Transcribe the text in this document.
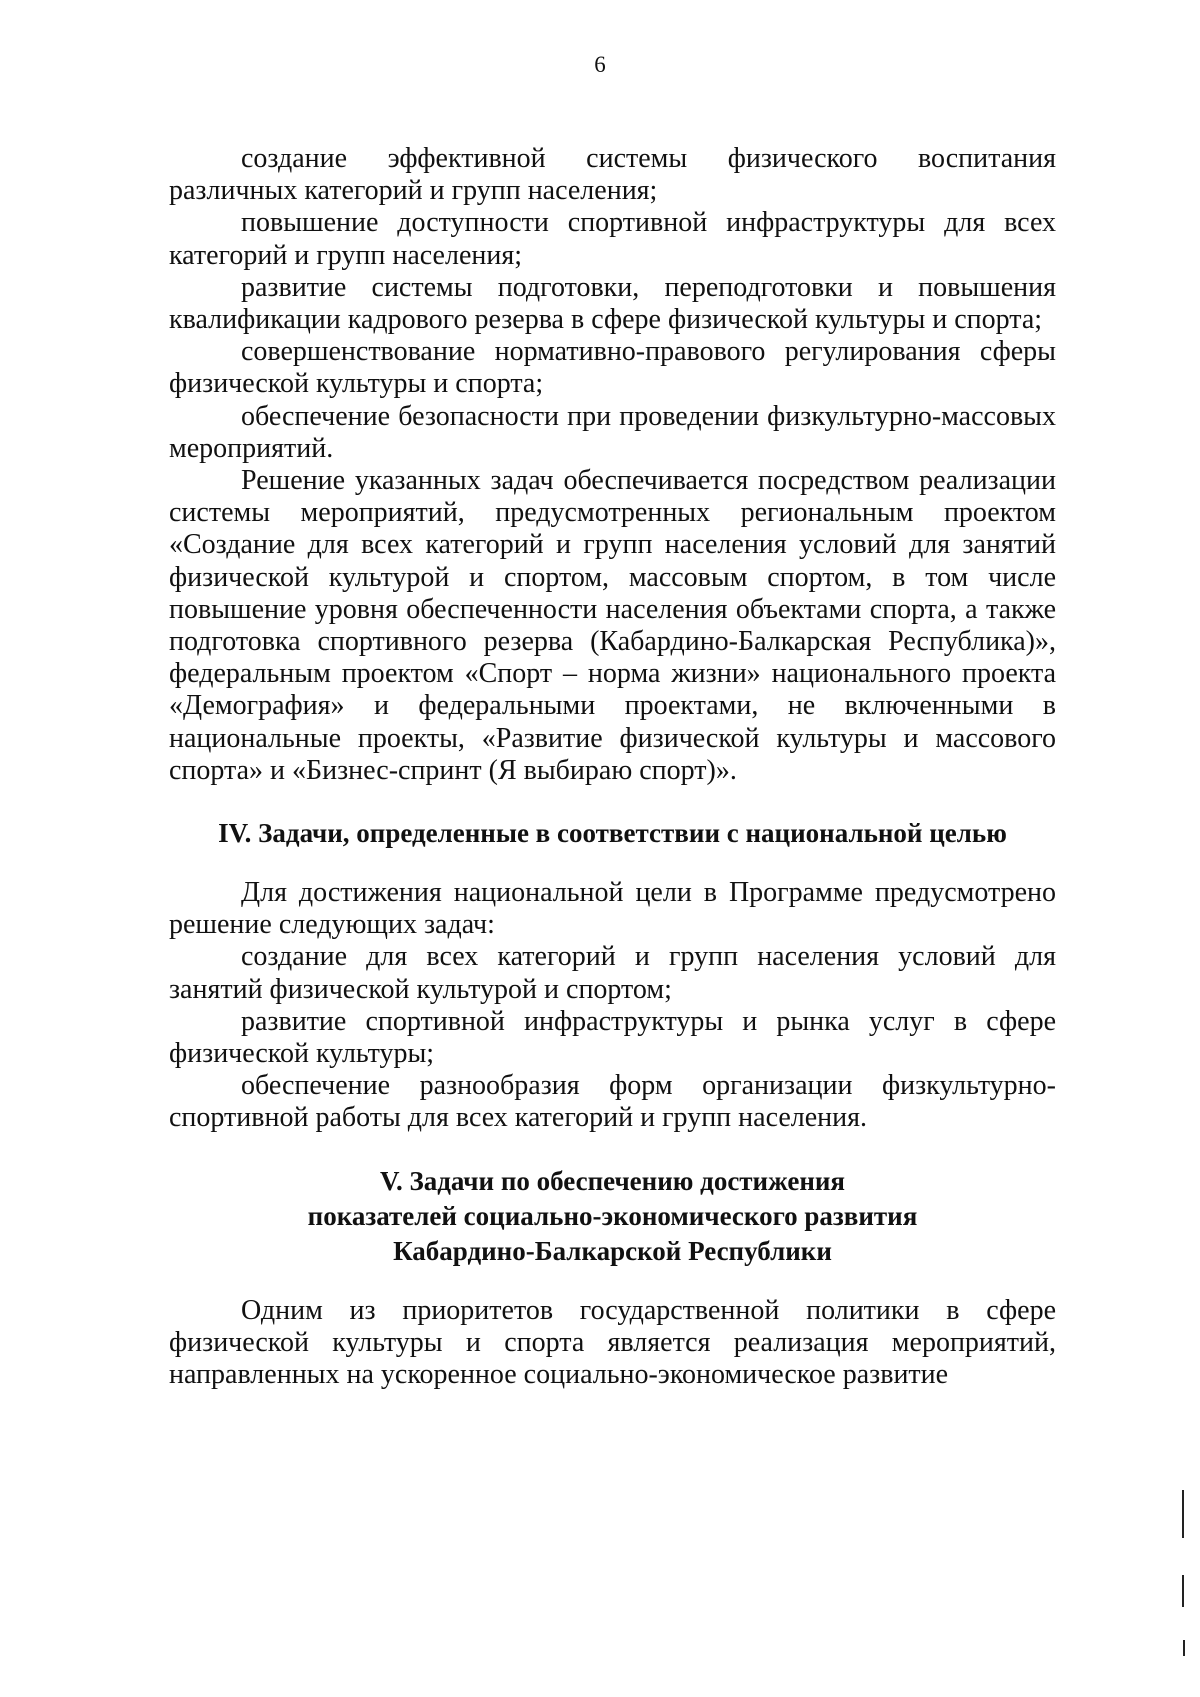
6

создание эффективной системы физического воспитания различных категорий и групп населения;

повышение доступности спортивной инфраструктуры для всех категорий и групп населения;

развитие системы подготовки, переподготовки и повышения квалификации кадрового резерва в сфере физической культуры и спорта;

совершенствование нормативно-правового регулирования сферы физической культуры и спорта;

обеспечение безопасности при проведении физкультурно-массовых мероприятий.

Решение указанных задач обеспечивается посредством реализации системы мероприятий, предусмотренных региональным проектом «Создание для всех категорий и групп населения условий для занятий физической культурой и спортом, массовым спортом, в том числе повышение уровня обеспеченности населения объектами спорта, а также подготовка спортивного резерва (Кабардино-Балкарская Республика)», федеральным проектом «Спорт – норма жизни» национального проекта «Демография» и федеральными проектами, не включенными в национальные проекты, «Развитие физической культуры и массового спорта» и «Бизнес-спринт (Я выбираю спорт)».

IV. Задачи, определенные в соответствии с национальной целью

Для достижения национальной цели в Программе предусмотрено решение следующих задач:

создание для всех категорий и групп населения условий для занятий физической культурой и спортом;

развитие спортивной инфраструктуры и рынка услуг в сфере физической культуры;

обеспечение разнообразия форм организации физкультурно-спортивной работы для всех категорий и групп населения.

V. Задачи по обеспечению достижения
показателей социально-экономического развития
Кабардино-Балкарской Республики

Одним из приоритетов государственной политики в сфере физической культуры и спорта является реализация мероприятий, направленных на ускоренное социально-экономическое развитие
